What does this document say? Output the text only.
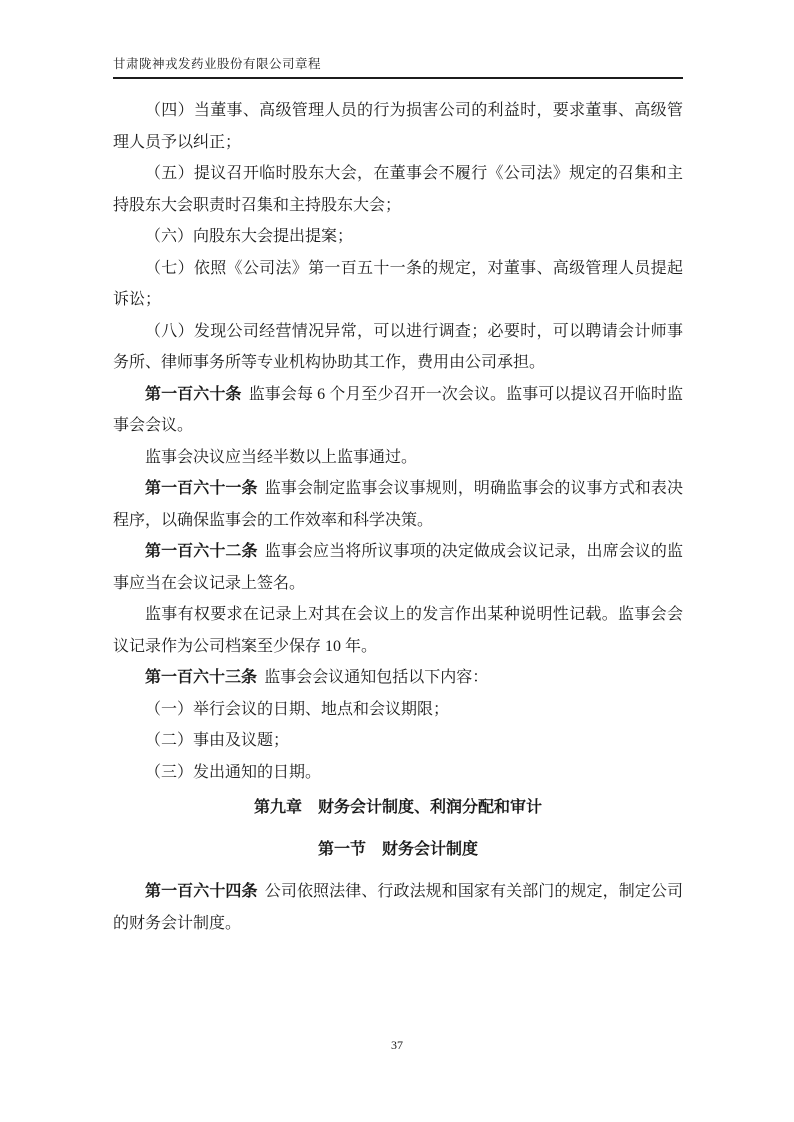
甘肃陇神戎发药业股份有限公司章程

（四）当董事、高级管理人员的行为损害公司的利益时，要求董事、高级管理人员予以纠正；

（五）提议召开临时股东大会，在董事会不履行《公司法》规定的召集和主持股东大会职责时召集和主持股东大会；

（六）向股东大会提出提案；

（七）依照《公司法》第一百五十一条的规定，对董事、高级管理人员提起诉讼；

（八）发现公司经营情况异常，可以进行调查；必要时，可以聘请会计师事务所、律师事务所等专业机构协助其工作，费用由公司承担。

第一百六十条 监事会每 6 个月至少召开一次会议。监事可以提议召开临时监事会会议。

监事会决议应当经半数以上监事通过。

第一百六十一条 监事会制定监事会议事规则，明确监事会的议事方式和表决程序，以确保监事会的工作效率和科学决策。

第一百六十二条 监事会应当将所议事项的决定做成会议记录，出席会议的监事应当在会议记录上签名。

监事有权要求在记录上对其在会议上的发言作出某种说明性记载。监事会会议记录作为公司档案至少保存 10 年。

第一百六十三条 监事会会议通知包括以下内容：

（一）举行会议的日期、地点和会议期限；

（二）事由及议题；

（三）发出通知的日期。

第九章　财务会计制度、利润分配和审计

第一节　财务会计制度

第一百六十四条 公司依照法律、行政法规和国家有关部门的规定，制定公司的财务会计制度。

37
